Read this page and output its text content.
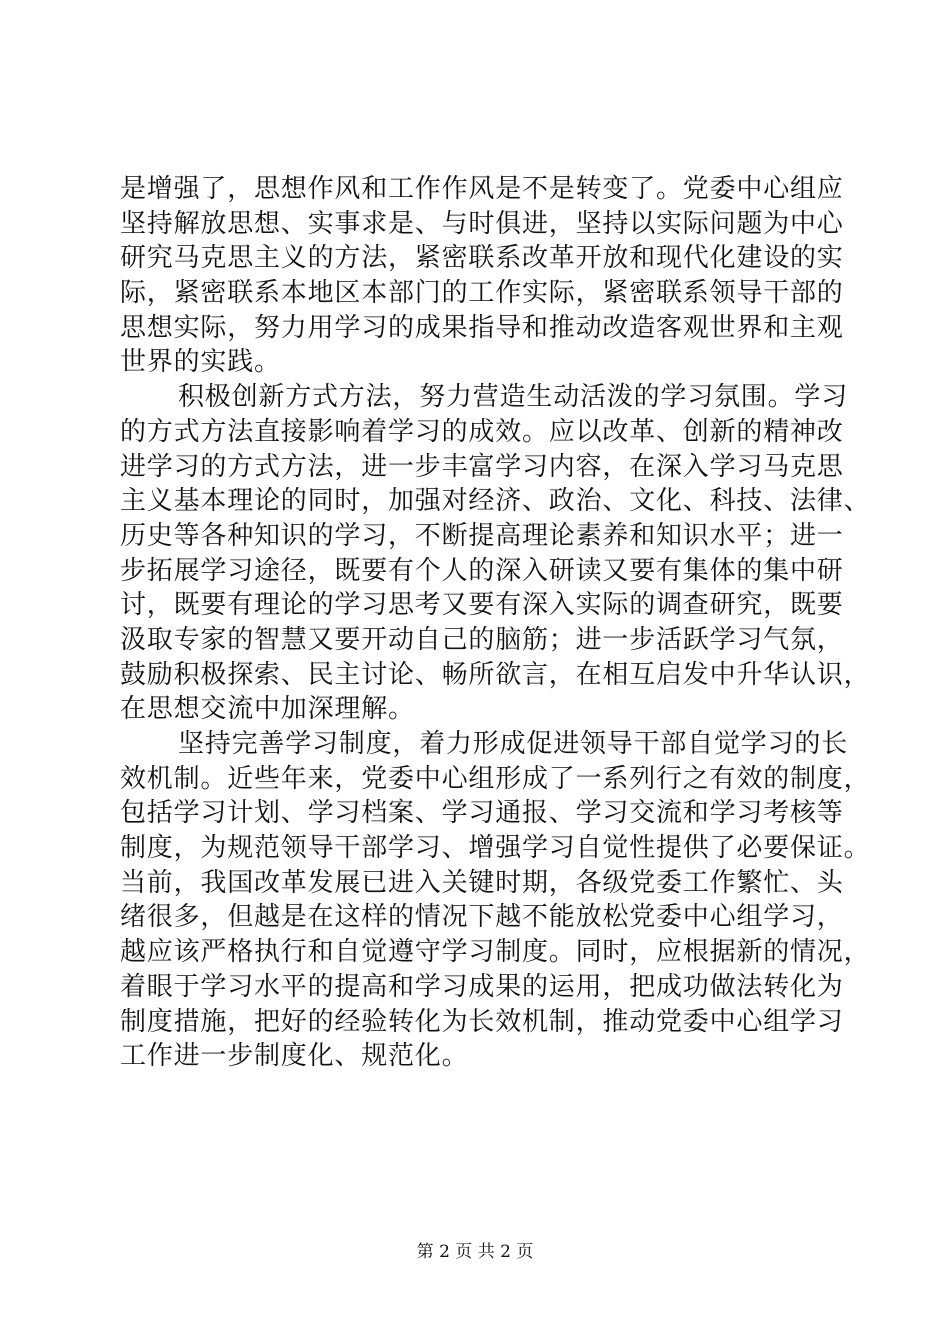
是增强了，思想作风和工作作风是不是转变了。党委中心组应
坚持解放思想、实事求是、与时俱进，坚持以实际问题为中心
研究马克思主义的方法，紧密联系改革开放和现代化建设的实
际，紧密联系本地区本部门的工作实际，紧密联系领导干部的
思想实际，努力用学习的成果指导和推动改造客观世界和主观
世界的实践。
积极创新方式方法，努力营造生动活泼的学习氛围。学习
的方式方法直接影响着学习的成效。应以改革、创新的精神改
进学习的方式方法，进一步丰富学习内容，在深入学习马克思
主义基本理论的同时，加强对经济、政治、文化、科技、法律、
历史等各种知识的学习，不断提高理论素养和知识水平；进一
步拓展学习途径，既要有个人的深入研读又要有集体的集中研
讨，既要有理论的学习思考又要有深入实际的调查研究，既要
汲取专家的智慧又要开动自己的脑筋；进一步活跃学习气氛，
鼓励积极探索、民主讨论、畅所欲言，在相互启发中升华认识，
在思想交流中加深理解。
坚持完善学习制度，着力形成促进领导干部自觉学习的长
效机制。近些年来，党委中心组形成了一系列行之有效的制度，
包括学习计划、学习档案、学习通报、学习交流和学习考核等
制度，为规范领导干部学习、增强学习自觉性提供了必要保证。
当前，我国改革发展已进入关键时期，各级党委工作繁忙、头
绪很多，但越是在这样的情况下越不能放松党委中心组学习，
越应该严格执行和自觉遵守学习制度。同时，应根据新的情况，
着眼于学习水平的提高和学习成果的运用，把成功做法转化为
制度措施，把好的经验转化为长效机制，推动党委中心组学习
工作进一步制度化、规范化。
第 2 页 共 2 页
